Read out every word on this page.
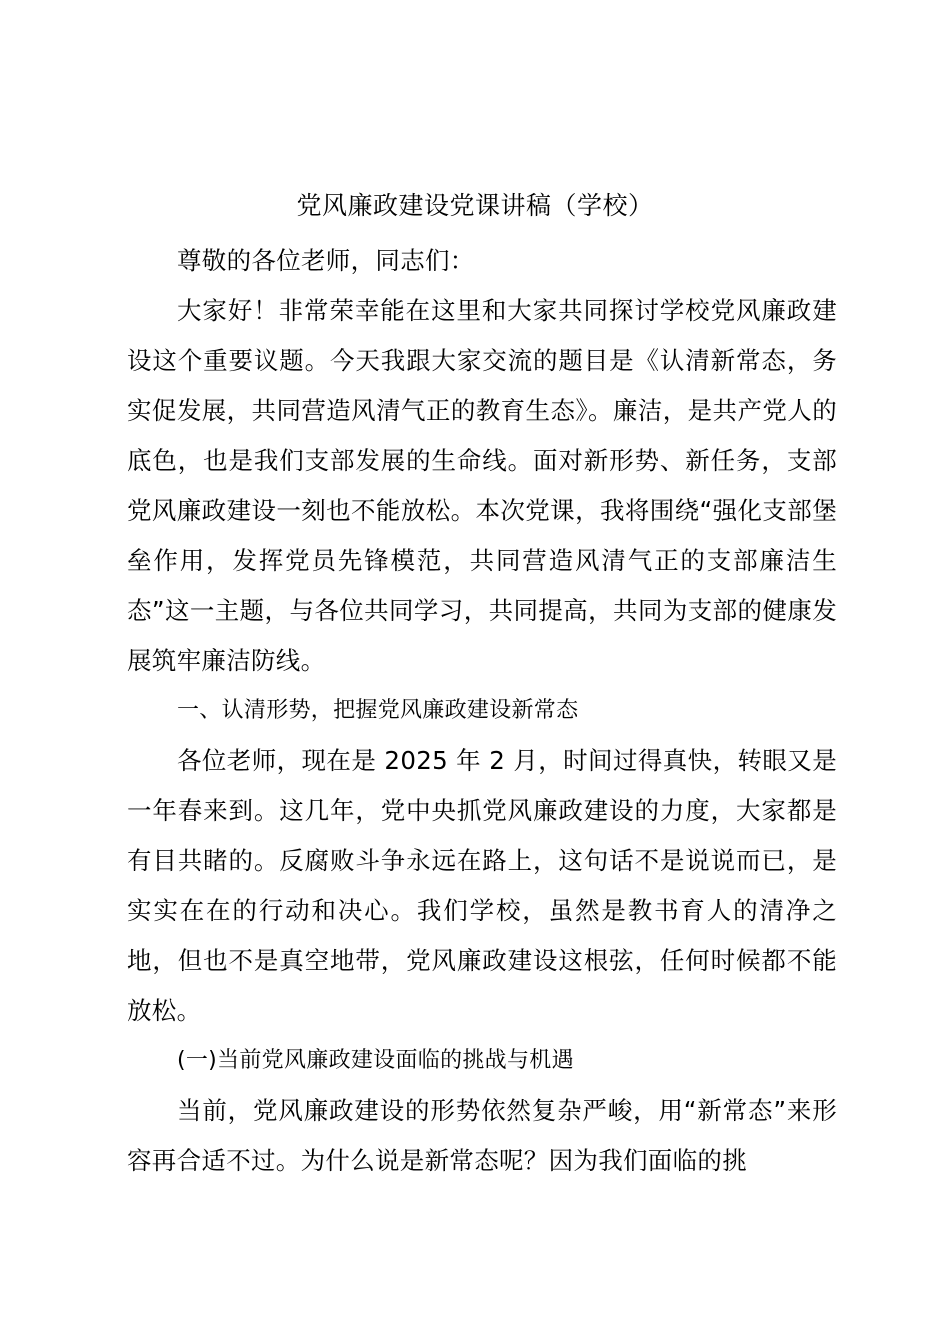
党风廉政建设党课讲稿（学校）

尊敬的各位老师，同志们：

大家好！非常荣幸能在这里和大家共同探讨学校党风廉政建设这个重要议题。今天我跟大家交流的题目是《认清新常态，务实促发展，共同营造风清气正的教育生态》。廉洁，是共产党人的底色，也是我们支部发展的生命线。面对新形势、新任务，支部党风廉政建设一刻也不能放松。本次党课，我将围绕“强化支部堡垒作用，发挥党员先锋模范，共同营造风清气正的支部廉洁生态”这一主题，与各位共同学习，共同提高，共同为支部的健康发展筑牢廉洁防线。

一、认清形势，把握党风廉政建设新常态

各位老师，现在是 2025 年 2 月，时间过得真快，转眼又是一年春来到。这几年，党中央抓党风廉政建设的力度，大家都是有目共睹的。反腐败斗争永远在路上，这句话不是说说而已，是实实在在的行动和决心。我们学校，虽然是教书育人的清净之地，但也不是真空地带，党风廉政建设这根弦，任何时候都不能放松。

(一)当前党风廉政建设面临的挑战与机遇

当前，党风廉政建设的形势依然复杂严峻，用“新常态”来形容再合适不过。为什么说是新常态呢？因为我们面临的挑
